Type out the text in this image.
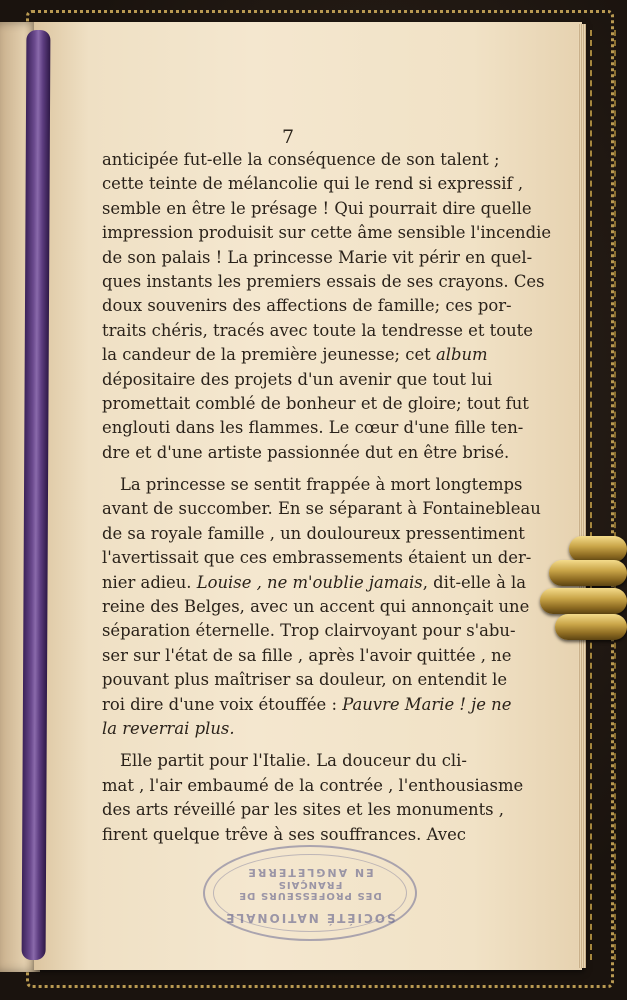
7
anticipée fut-elle la conséquence de son talent ;
cette teinte de mélancolie qui le rend si expressif ,
semble en être le présage ! Qui pourrait dire quelle
impression produisit sur cette âme sensible l'incendie
de son palais ! La princesse Marie vit périr en quel-
ques instants les premiers essais de ses crayons. Ces
doux souvenirs des affections de famille; ces por-
traits chéris, tracés avec toute la tendresse et toute
la candeur de la première jeunesse; cet album
dépositaire des projets d'un avenir que tout lui
promettait comblé de bonheur et de gloire; tout fut
englouti dans les flammes. Le cœur d'une fille ten-
dre et d'une artiste passionnée dut en être brisé.
La princesse se sentit frappée à mort longtemps
avant de succomber. En se séparant à Fontainebleau
de sa royale famille , un douloureux pressentiment
l'avertissait que ces embrassements étaient un der-
nier adieu. Louise , ne m'oublie jamais, dit-elle à la
reine des Belges, avec un accent qui annonçait une
séparation éternelle. Trop clairvoyant pour s'abu-
ser sur l'état de sa fille , après l'avoir quittée , ne
pouvant plus maîtriser sa douleur, on entendit le
roi dire d'une voix étouffée : Pauvre Marie ! je ne
la reverrai plus.
Elle partit pour l'Italie. La douceur du cli-
mat , l'air embaumé de la contrée , l'enthousiasme
des arts réveillé par les sites et les monuments ,
firent quelque trêve à ses souffrances. Avec
SOCIÉTÉ NATIONALE
DES PROFESSEURS DE FRANÇAIS
EN ANGLETERRE
